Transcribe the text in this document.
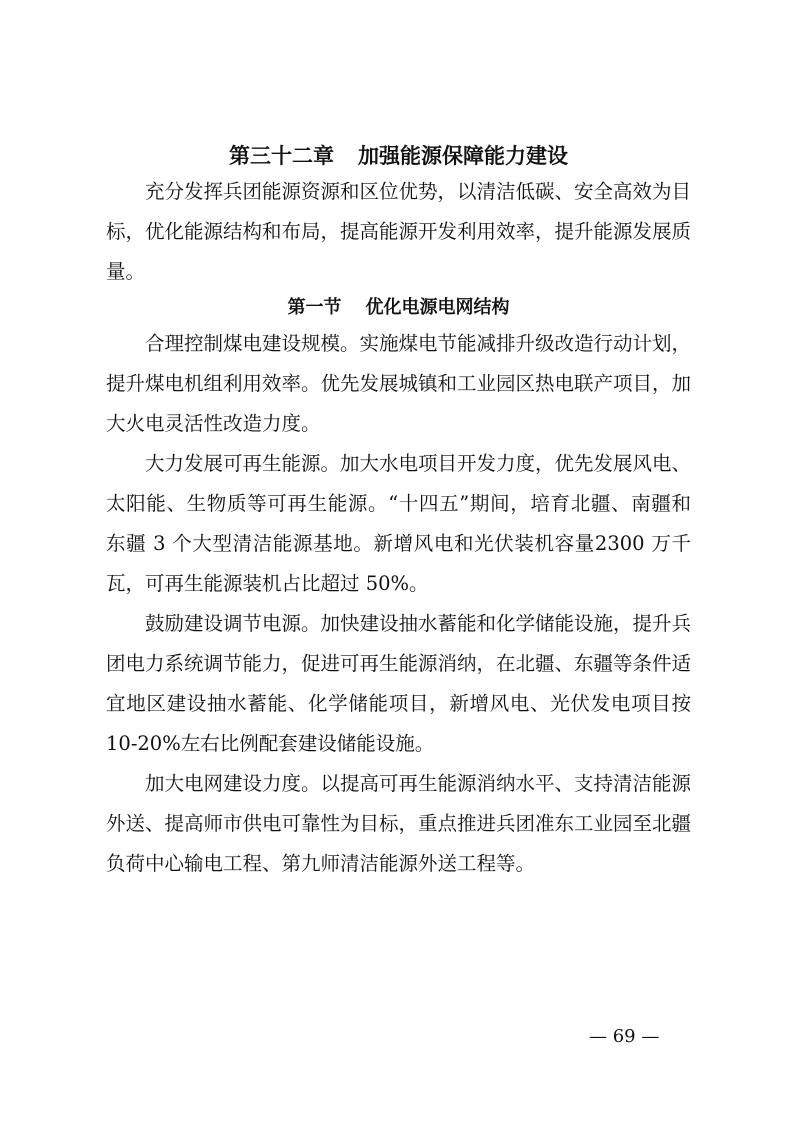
第三十二章 加强能源保障能力建设

充分发挥兵团能源资源和区位优势，以清洁低碳、安全高效为目标，优化能源结构和布局，提高能源开发利用效率，提升能源发展质量。

第一节 优化电源电网结构

合理控制煤电建设规模。实施煤电节能减排升级改造行动计划，提升煤电机组利用效率。优先发展城镇和工业园区热电联产项目，加大火电灵活性改造力度。

大力发展可再生能源。加大水电项目开发力度，优先发展风电、太阳能、生物质等可再生能源。“十四五”期间，培育北疆、南疆和东疆 3 个大型清洁能源基地。新增风电和光伏装机容量2300 万千瓦，可再生能源装机占比超过 50%。

鼓励建设调节电源。加快建设抽水蓄能和化学储能设施，提升兵团电力系统调节能力，促进可再生能源消纳，在北疆、东疆等条件适宜地区建设抽水蓄能、化学储能项目，新增风电、光伏发电项目按 10-20%左右比例配套建设储能设施。

加大电网建设力度。以提高可再生能源消纳水平、支持清洁能源外送、提高师市供电可靠性为目标，重点推进兵团准东工业园至北疆负荷中心输电工程、第九师清洁能源外送工程等。

— 69 —
